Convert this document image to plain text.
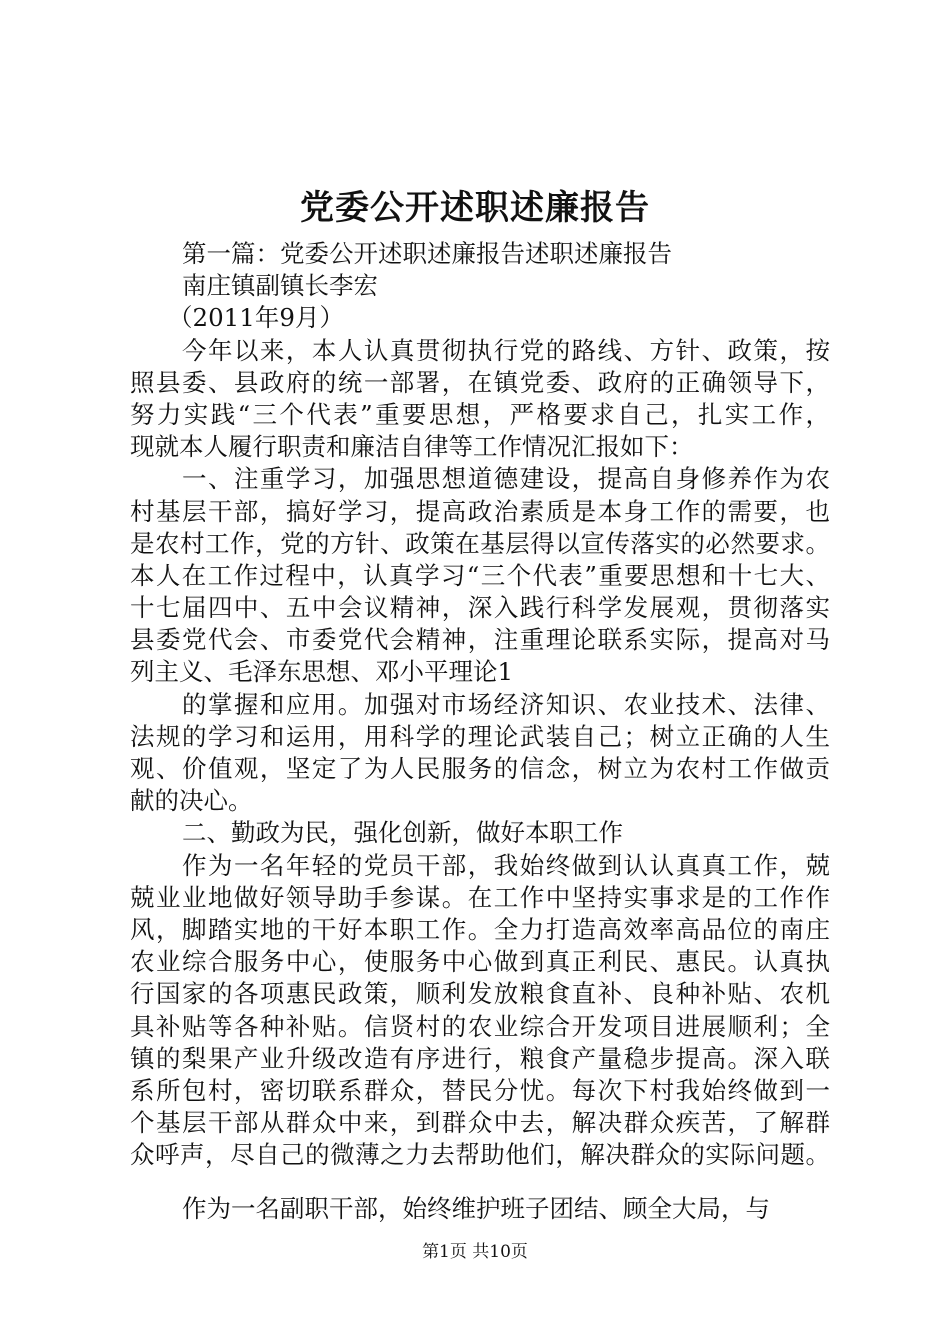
党委公开述职述廉报告
第一篇：党委公开述职述廉报告述职述廉报告
南庄镇副镇长李宏
（2011年9月）
今年以来，本人认真贯彻执行党的路线、方针、政策，按
照县委、县政府的统一部署，在镇党委、政府的正确领导下，
努力实践“三个代表”重要思想，严格要求自己，扎实工作，
现就本人履行职责和廉洁自律等工作情况汇报如下：
一、注重学习，加强思想道德建设，提高自身修养作为农
村基层干部，搞好学习，提高政治素质是本身工作的需要，也
是农村工作，党的方针、政策在基层得以宣传落实的必然要求。
本人在工作过程中，认真学习“三个代表”重要思想和十七大、
十七届四中、五中会议精神，深入践行科学发展观，贯彻落实
县委党代会、市委党代会精神，注重理论联系实际，提高对马
列主义、毛泽东思想、邓小平理论1
的掌握和应用。加强对市场经济知识、农业技术、法律、
法规的学习和运用，用科学的理论武装自己；树立正确的人生
观、价值观，坚定了为人民服务的信念，树立为农村工作做贡
献的决心。
二、勤政为民，强化创新，做好本职工作
作为一名年轻的党员干部，我始终做到认认真真工作，兢
兢业业地做好领导助手参谋。在工作中坚持实事求是的工作作
风，脚踏实地的干好本职工作。全力打造高效率高品位的南庄
农业综合服务中心，使服务中心做到真正利民、惠民。认真执
行国家的各项惠民政策，顺利发放粮食直补、良种补贴、农机
具补贴等各种补贴。信贤村的农业综合开发项目进展顺利；全
镇的梨果产业升级改造有序进行，粮食产量稳步提高。深入联
系所包村，密切联系群众，替民分忧。每次下村我始终做到一
个基层干部从群众中来，到群众中去，解决群众疾苦，了解群
众呼声，尽自己的微薄之力去帮助他们，解决群众的实际问题。
作为一名副职干部，始终维护班子团结、顾全大局，与
第1页 共10页
